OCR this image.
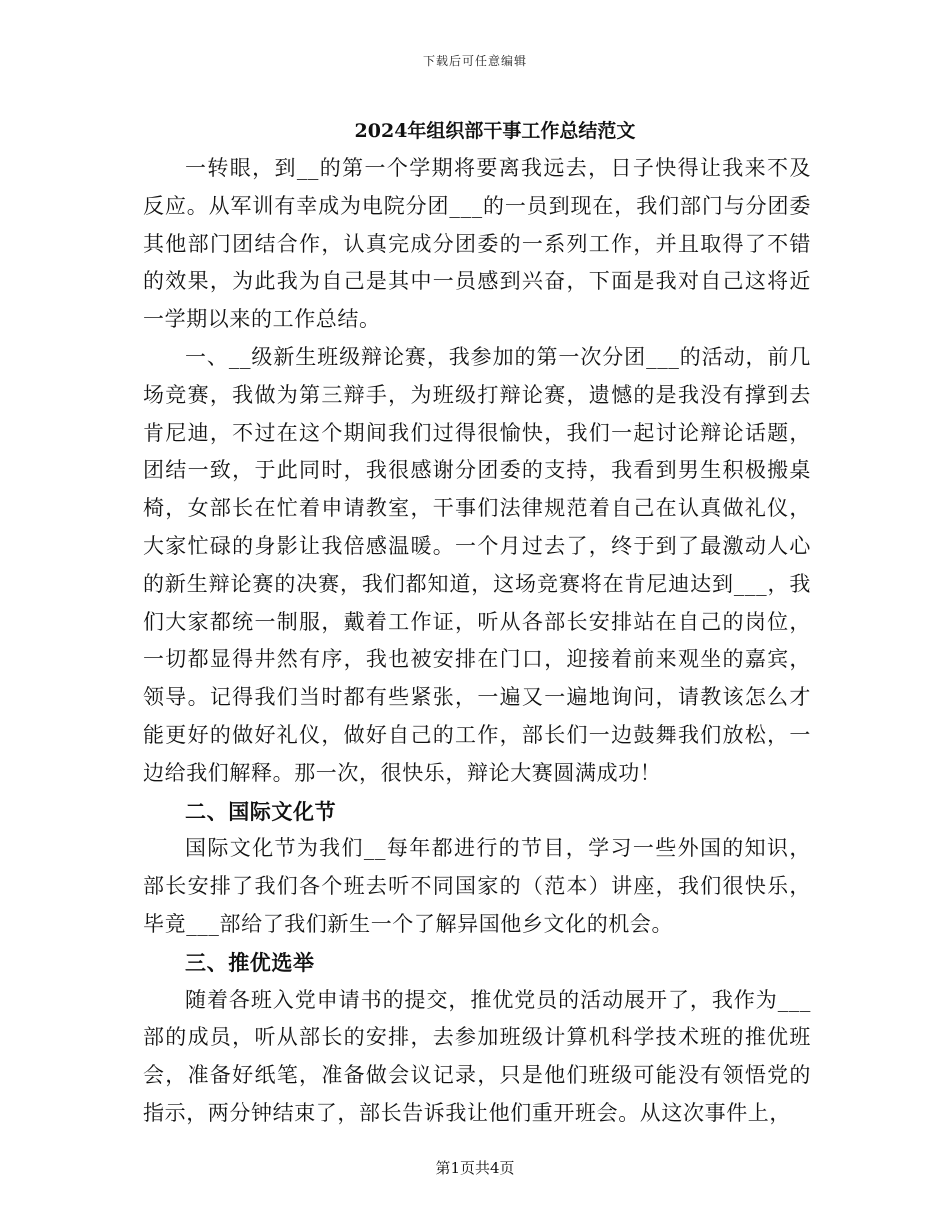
下载后可任意编辑
2024年组织部干事工作总结范文

一转眼，到__的第一个学期将要离我远去，日子快得让我来不及反应。从军训有幸成为电院分团___的一员到现在，我们部门与分团委其他部门团结合作，认真完成分团委的一系列工作，并且取得了不错的效果，为此我为自己是其中一员感到兴奋，下面是我对自己这将近一学期以来的工作总结。

一、__级新生班级辩论赛，我参加的第一次分团___的活动，前几场竞赛，我做为第三辩手，为班级打辩论赛，遗憾的是我没有撑到去肯尼迪，不过在这个期间我们过得很愉快，我们一起讨论辩论话题，团结一致，于此同时，我很感谢分团委的支持，我看到男生积极搬桌椅，女部长在忙着申请教室，干事们法律规范着自己在认真做礼仪，大家忙碌的身影让我倍感温暖。一个月过去了，终于到了最激动人心的新生辩论赛的决赛，我们都知道，这场竞赛将在肯尼迪达到___，我们大家都统一制服，戴着工作证，听从各部长安排站在自己的岗位，一切都显得井然有序，我也被安排在门口，迎接着前来观坐的嘉宾，领导。记得我们当时都有些紧张，一遍又一遍地询问，请教该怎么才能更好的做好礼仪，做好自己的工作，部长们一边鼓舞我们放松，一边给我们解释。那一次，很快乐，辩论大赛圆满成功！

二、国际文化节

国际文化节为我们__每年都进行的节目，学习一些外国的知识，部长安排了我们各个班去听不同国家的（范本）讲座，我们很快乐，毕竟___部给了我们新生一个了解异国他乡文化的机会。

三、推优选举

随着各班入党申请书的提交，推优党员的活动展开了，我作为___部的成员，听从部长的安排，去参加班级计算机科学技术班的推优班会，准备好纸笔，准备做会议记录，只是他们班级可能没有领悟党的指示，两分钟结束了，部长告诉我让他们重开班会。从这次事件上，

第1页共4页
